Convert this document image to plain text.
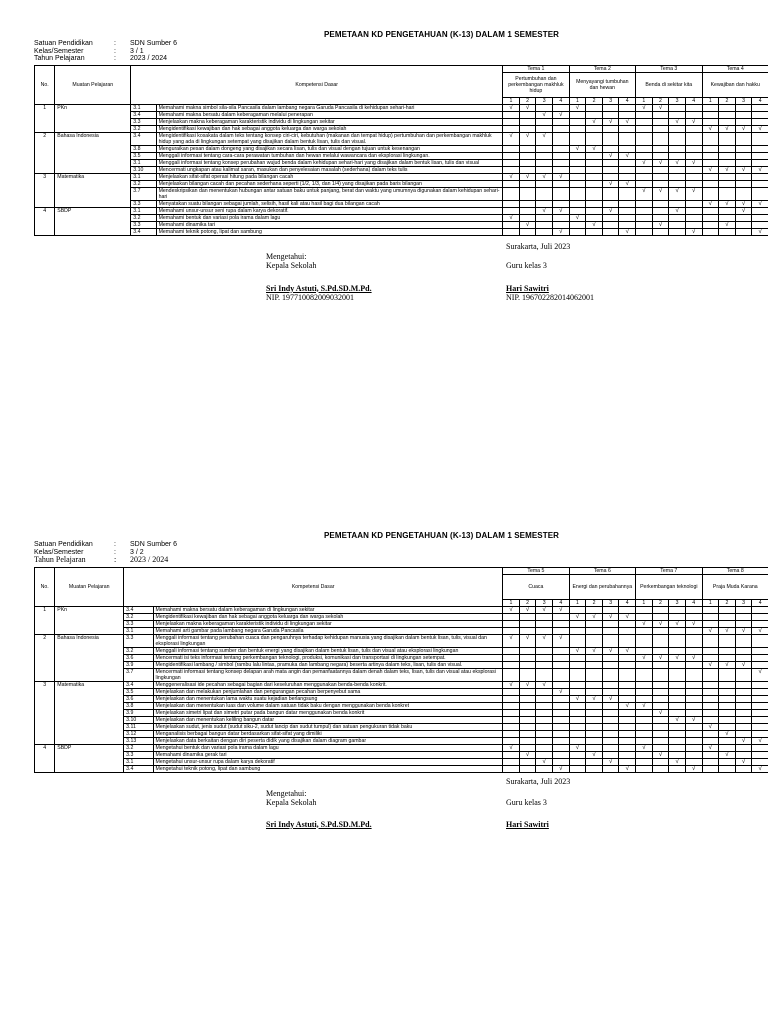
PEMETAAN KD PENGETAHUAN (K-13) DALAM 1 SEMESTER
Satuan Pendidikan	:	SDN Sumber 6
Kelas/Semester	:	3 / 1
Tahun Pelajaran	:	2023 / 2024
No.	Muatan Pelajaran	Kompetensi Dasar		Tema 1				Tema 2				Tema 3				Tema 4			
				Pertumbuhan dan perkembangan makhluk hidup				Menyayangi tumbuhan dan hewan				Benda di sekitar kita				Kewajiban dan hakku			
				1	2	3	4	1	2	3	4	1	2	3	4	1	2	3	4
1	PKn	3.1	Memahami makna simbol sila-sila Pancasila dalam lambang negara Garuda Pancasila di kehidupan sehari-hari	√	√			√				√	√						
		3.4	Memahami makna bersatu dalam keberagaman melalui penerapan			√	√												
		3.3	Menjelaskan makna keberagaman karakteristik individu di lingkungan sekitar						√	√	√			√	√				
		3.2	Mengidentifikasi kewajiban dan hak sebagai anggota keluarga dan warga sekolah													√	√	√	√
2	Bahasa Indonesia	3.4	Mengidentifikasi kosakata dalam teks tentang konsep ciri-ciri, kebutuhan (makanan dan tempat hidup) pertumbuhan dan perkembangan makhluk hidup yang ada di lingkungan setempat yang disajikan dalam bentuk lisan, tulis dan visual.	√	√	√													
		3.8	Menguraikan pesan dalam dongeng yang disajikan secara lisan, tulis dan visual dengan tujuan untuk kesenangan					√	√										
		3.5	Menggali informasi tentang cara-cara perawatan tumbuhan dan hewan melalui wawancara dan eksplorasi lingkungan.							√	√								
		3.1	Menggali informasi tentang konsep perubahan wujud benda dalam kehidupan sehari-hari yang disajikan dalam bentuk lisan, tulis dan visual									√	√	√	√				
		3.10	Mencermati ungkapan atau kalimat saran, masukan dan penyelesaian masalah (sederhana) dalam teks tulis													√	√	√	√
3	Matematika	3.1	Menjelaskan sifat-sifat operasi hitung pada bilangan cacah	√	√	√	√												
		3.2	Menjelaskan bilangan cacah dan pecahan sederhana seperti (1/2, 1/3, dan 1/4) yang disajikan pada baris bilangan							√	√								
		3.7	Mendeskripsikan dan menentukan hubungan antar satuan baku untuk panjang, berat dan waktu yang umumnya digunakan dalam kehidupan sehari-hari									√	√	√	√				
		3.3	Menyatakan suatu bilangan sebagai jumlah, selisih, hasil kali atau hasil bagi dua bilangan cacah													√	√	√	√
4	SBDP	3.1	Memahami unsur-unsur seni rupa dalam karya dekoratif.			√	√			√				√				√	
		3.2	Memahami bentuk dan variasi pola irama dalam lagu	√				√											
		3.3	Memahami dinamika tari		√				√				√				√		
		3.4	Memahami teknik potong, lipat dan sambung				√				√				√				√
Surakarta, Juli 2023
Mengetahui:
Kepala Sekolah	Guru kelas 3
Sri Indy Astuti, S.Pd.SD.M.Pd.	Hari Sawitri
NIP. 197710082009032001	NIP. 196702282014062001
PEMETAAN KD PENGETAHUAN (K-13) DALAM 1 SEMESTER
Satuan Pendidikan	:	SDN Sumber 6
Kelas/Semester	:	3 / 2
Tahun Pelajaran	:	2023 / 2024
No.	Muatan Pelajaran	Kompetensi Dasar		Tema 5				Tema 6				Tema 7				Tema 8			
				Cuaca				Energi dan perubahannya				Perkembangan teknologi				Praja Muda Karana			
				1	2	3	4	1	2	3	4	1	2	3	4	1	2	3	4
1	PKn	3.4	Memahami makna bersatu dalam keberagaman di lingkungan sekitar	√	√	√	√												
		3.2	Mengidentifikasi kewajiban dan hak sebagai anggota keluarga dan warga sekolah					√	√	√	√								
		3.3	Menjelaskan makna keberagaman karakteristik individu di lingkungan sekitar									√	√	√	√				
		3.1	Memahami arti gambar pada lambang negara Garuda Pancasila													√	√	√	√
2	Bahasa Indonesia	3.3	Menggali informasi tentang perubahan cuaca dan pengaruhnya terhadap kehidupan manusia yang disajikan dalam bentuk lisan, tulis, visual dan eksplorasi lingkungan	√	√	√	√												
		3.2	Menggali informasi tentang sumber dan bentuk energi yang disajikan dalam bentuk lisan, tulis dan visual atau eksplorasi lingkungan					√	√	√	√								
		3.6	Mencermati isi teks informasi tentang perkembangan teknologi, produksi, komunikasi dan transportasi di lingkungan setempat.									√	√	√	√				
		3.9	Mengidentifikasi lambang / simbol (rambu lalu lintas, pramuka dan lambang negara) beserta artinya dalam teks, lisan, tulis dan visual.													√	√	√	
		3.7	Mencermati informasi tentang konsep delapan arah mata angin dan pemanfaatannya dalam denah dalam teks, lisan, tulis dan visual atau eksplorasi lingkungan																√
3	Matematika	3.4	Menggeneralisasi ide pecahan sebagai bagian dari keseluruhan menggunakan benda-benda konkrit.	√	√	√													
		3.5	Menjelaskan dan melakukan penjumlahan dan pengurangan pecahan berpenyebut sama				√												
		3.6	Menjelaskan dan menentukan lama waktu suatu kejadian berlangsung					√	√	√									
		3.8	Menjelaskan dan menentukan luas dan volume dalam satuan tidak baku dengan menggunakan benda konkret								√	√							
		3.9	Menjelaskan simetri lipat dan simetri putar pada bangun datar menggunakan benda konkrit										√						
		3.10	Menjelaskan dan menentukan keliling bangun datar											√	√				
		3.11	Menjelaskan sudut, jenis sudut (sudut siku-2, sudut lancip dan sudut tumpul) dan satuan pengukuran tidak baku													√			
		3.12	Menganalisis berbagai bangun datar berdasarkan sifat-sifat yang dimiliki														√		
		3.13	Menjelaskan data berkaitan dengan diri peserta didik yang disajikan dalam diagram gambar															√	√
4	SBDP	3.2	Mengetahui bentuk dan variasi pola irama dalam lagu	√				√				√				√			
		3.3	Memahami dinamika gerak tari		√				√				√				√		
		3.1	Mengetahui unsur-unsur rupa dalam karya dekoratif			√				√				√				√	
		3.4	Mengetahui teknik potong, lipat dan sambung				√				√				√				√
Surakarta, Juli 2023
Mengetahui:
Kepala Sekolah	Guru kelas 3
Sri Indy Astuti, S.Pd.SD.M.Pd.	Hari Sawitri
